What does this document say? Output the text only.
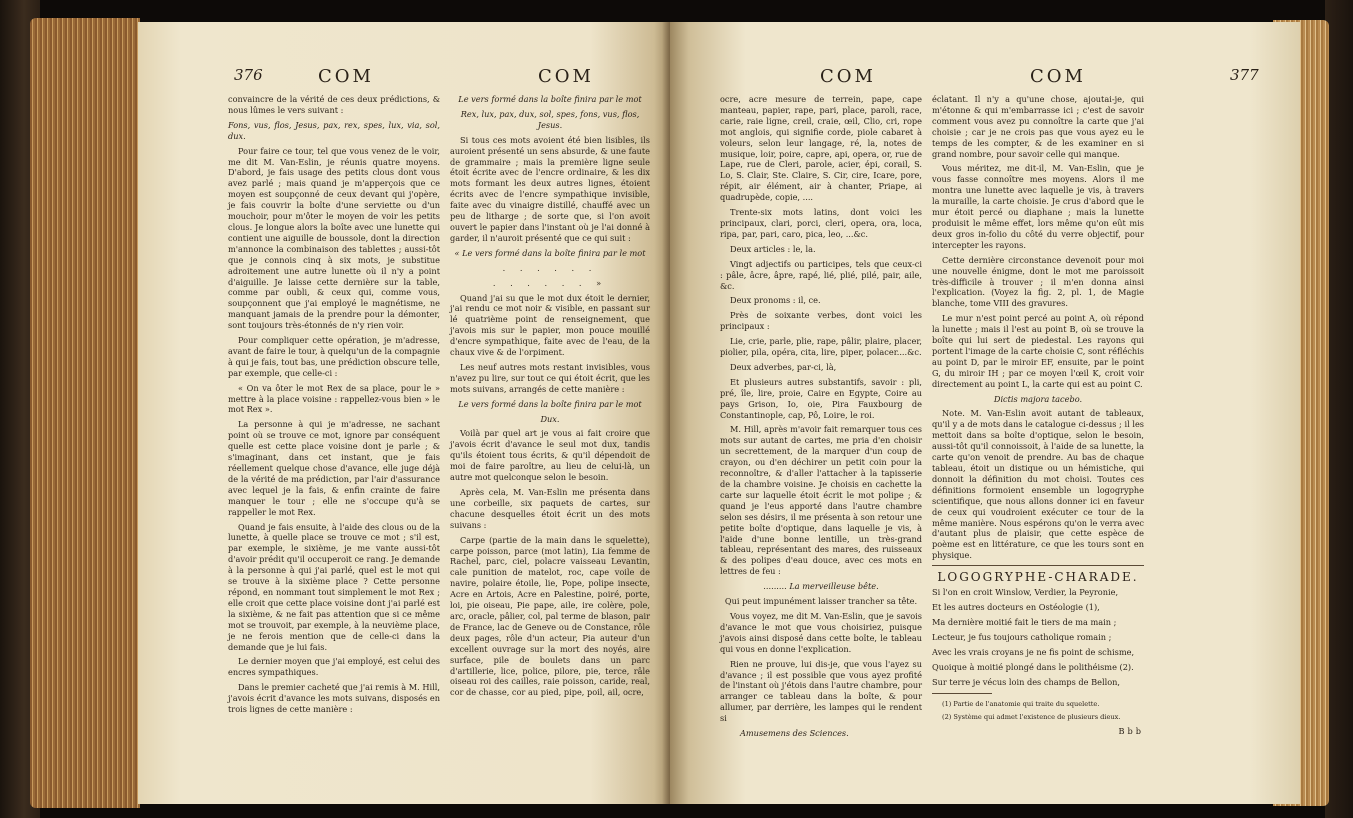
376	COM	COM

convaincre de la vérité de ces deux prédictions, & nous lûmes le vers suivant :

Fons, vus, flos, Jesus, pax, rex, spes, lux, via, sol, dux.

Pour faire ce tour, tel que vous venez de le voir, me dit M. Van-Eslin, je réunis quatre moyens. D'abord, je fais usage des petits clous dont vous avez parlé ; mais quand je m'apperçois que ce moyen est soupçonné de ceux devant qui j'opère, je fais couvrir la boîte d'une serviette ou d'un mouchoir, pour m'ôter le moyen de voir les petits clous. Je longue alors la boîte avec une lunette qui contient une aiguille de boussole, dont la direction m'annonce la combinaison des tablettes ; aussi-tôt que je connois cinq à six mots, je substitue adroitement une autre lunette où il n'y a point d'aiguille. Je laisse cette dernière sur la table, comme par oubli, & ceux qui, comme vous, soupçonnent que j'ai employé le magnétisme, ne manquant jamais de la prendre pour la démonter, sont toujours très-étonnés de n'y rien voir.

Pour compliquer cette opération, je m'adresse, avant de faire le tour, à quelqu'un de la compagnie à qui je fais, tout bas, une prédiction obscure telle, par exemple, que celle-ci :

« On va ôter le mot Rex de sa place, pour le » mettre à la place voisine : rappellez-vous bien » le mot Rex ».

La personne à qui je m'adresse, ne sachant point où se trouve ce mot, ignore par conséquent quelle est cette place voisine dont je parle ; & s'imaginant, dans cet instant, que je fais réellement quelque chose d'avance, elle juge déjà de la vérité de ma prédiction, par l'air d'assurance avec lequel je la fais, & enfin crainte de faire manquer le tour ; elle ne s'occupe qu'à se rappeller le mot Rex.

Quand je fais ensuite, à l'aide des clous ou de la lunette, à quelle place se trouve ce mot ; s'il est, par exemple, le sixième, je me vante aussi-tôt d'avoir prédit qu'il occuperoit ce rang. Je demande à la personne à qui j'ai parlé, quel est le mot qui se trouve à la sixième place ? Cette personne répond, en nommant tout simplement le mot Rex ; elle croit que cette place voisine dont j'ai parlé est la sixième, & ne fait pas attention que si ce même mot se trouvoit, par exemple, à la neuvième place, je ne ferois mention que de celle-ci dans la demande que je lui fais.

Le dernier moyen que j'ai employé, est celui des encres sympathiques.

Dans le premier cacheté que j'ai remis à M. Hill, j'avois écrit d'avance les mots suivans, disposés en trois lignes de cette manière :

Le vers formé dans la boîte finira par le mot

Rex, lux, pax, dux, sol, spes, fons, vus, flos, Jesus.

Si tous ces mots avoient été bien lisibles, ils auroient présenté un sens absurde, & une faute de grammaire ; mais la première ligne seule étoit écrite avec de l'encre ordinaire, & les dix mots formant les deux autres lignes, étoient écrits avec de l'encre sympathique invisible, faite avec du vinaigre distillé, chauffé avec un peu de litharge ; de sorte que, si l'on avoit ouvert le papier dans l'instant où je l'ai donné à garder, il n'auroit présenté que ce qui suit :

« Le vers formé dans la boîte finira par le mot

. . . . . .

. . . . . . »

Quand j'ai su que le mot dux étoit le dernier, j'ai rendu ce mot noir & visible, en passant sur lé quatrième point de renseignement, que j'avois mis sur le papier, mon pouce mouillé d'encre sympathique, faite avec de l'eau, de la chaux vive & de l'orpiment.

Les neuf autres mots restant invisibles, vous n'avez pu lire, sur tout ce qui étoit écrit, que les mots suivans, arrangés de cette manière :

Le vers formé dans la boîte finira par le mot

Dux.

Voilà par quel art je vous ai fait croire que j'avois écrit d'avance le seul mot dux, tandis qu'ils étoient tous écrits, & qu'il dépendoit de moi de faire paroître, au lieu de celui-là, un autre mot quelconque selon le besoin.

Après cela, M. Van-Eslin me présenta dans une corbeille, six paquets de cartes, sur chacune desquelles étoit écrit un des mots suivans :

Carpe (partie de la main dans le squelette), carpe poisson, parce (mot latin), Lia femme de Rachel, parc, ciel, polacre vaisseau Levantin, cale punition de matelot, roc, cape voile de navire, polaire étoile, lie, Pope, polipe insecte, Acre en Artois, Acre en Palestine, poiré, porte, loi, pie oiseau, Pie pape, aile, ire colère, pole, arc, oracle, pâlier, col, pal terme de blason, pair de France, lac de Geneve ou de Constance, rôle deux pages, rôle d'un acteur, Pia auteur d'un excellent ouvrage sur la mort des noyés, aire surface, pile de boulets dans un parc d'artillerie, lice, police, pilore, pie, terce, râle oiseau roi des cailles, raie poisson, caride, real, cor de chasse, cor au pied, pipe, poil, ail, ocre,

COM	COM	377

ocre, acre mesure de terrein, pape, cape manteau, papier, rape, pari, place, paroli, race, carie, raie ligne, creil, craie, œil, Clio, cri, rope mot anglois, qui signifie corde, piole cabaret à voleurs, selon leur langage, ré, la, notes de musique, loir, poire, capre, api, opera, or, rue de Lape, rue de Cleri, parole, acier, épi, corail, S. Lo, S. Clair, Ste. Claire, S. Cir, cire, Icare, pore, répit, air élément, air à chanter, Priape, ai quadrupède, copie, ....

Trente-six mots latins, dont voici les principaux, clari, porci, cleri, opera, ora, loca, ripa, par, pari, caro, pica, leo, ...&c.

Deux articles : le, la.

Vingt adjectifs ou participes, tels que ceux-ci : pâle, âcre, âpre, rapé, lié, plié, pilé, pair, aile, &c.

Deux pronoms : il, ce.

Près de soixante verbes, dont voici les principaux :

Lie, crie, parle, plie, rape, pâlir, plaire, placer, piolier, pila, opéra, cita, lire, piper, polacer....&c.

Deux adverbes, par-ci, là,

Et plusieurs autres substantifs, savoir : pli, pré, île, lire, proie, Caire en Egypte, Coire au pays Grison, Io, oie, Pira Fauxbourg de Constantinople, cap, Pô, Loire, le roi.

M. Hill, après m'avoir fait remarquer tous ces mots sur autant de cartes, me pria d'en choisir un secrettement, de la marquer d'un coup de crayon, ou d'en déchirer un petit coin pour la reconnoître, & d'aller l'attacher à la tapisserie de la chambre voisine. Je choisis en cachette la carte sur laquelle étoit écrit le mot polipe ; & quand je l'eus apporté dans l'autre chambre selon ses désirs, il me présenta à son retour une petite boîte d'optique, dans laquelle je vis, à l'aide d'une bonne lentille, un très-grand tableau, représentant des mares, des ruisseaux & des polipes d'eau douce, avec ces mots en lettres de feu :

......... La merveilleuse bête.

Qui peut impunément laisser trancher sa tête.

Vous voyez, me dit M. Van-Eslin, que je savois d'avance le mot que vous choisiriez, puisque j'avois ainsi disposé dans cette boîte, le tableau qui vous en donne l'explication.

Rien ne prouve, lui dis-je, que vous l'ayez su d'avance ; il est possible que vous ayez profité de l'instant où j'étois dans l'autre chambre, pour arranger ce tableau dans la boîte, & pour allumer, par derrière, les lampes qui le rendent si

Amusemens des Sciences.

éclatant. Il n'y a qu'une chose, ajoutai-je, qui m'étonne & qui m'embarrasse ici ; c'est de savoir comment vous avez pu connoître la carte que j'ai choisie ; car je ne crois pas que vous ayez eu le temps de les compter, & de les examiner en si grand nombre, pour savoir celle qui manque.

Vous méritez, me dit-il, M. Van-Eslin, que je vous fasse connoître mes moyens. Alors il me montra une lunette avec laquelle je vis, à travers la muraille, la carte choisie. Je crus d'abord que le mur étoit percé ou diaphane ; mais la lunette produisit le même effet, lors même qu'on eût mis deux gros in-folio du côté du verre objectif, pour intercepter les rayons.

Cette dernière circonstance devenoit pour moi une nouvelle énigme, dont le mot me paroissoit très-difficile à trouver ; il m'en donna ainsi l'explication. (Voyez la fig. 2, pl. 1, de Magie blanche, tome VIII des gravures.

Le mur n'est point percé au point A, où répond la lunette ; mais il l'est au point B, où se trouve la boîte qui lui sert de piedestal. Les rayons qui portent l'image de la carte choisie C, sont réfléchis au point D, par le miroir EF, ensuite, par le point G, du miroir IH ; par ce moyen l'œil K, croit voir directement au point L, la carte qui est au point C.

Dictis majora tacebo.

Note. M. Van-Eslin avoit autant de tableaux, qu'il y a de mots dans le catalogue ci-dessus ; il les mettoit dans sa boîte d'optique, selon le besoin, aussi-tôt qu'il connoissoit, à l'aide de sa lunette, la carte qu'on venoit de prendre. Au bas de chaque tableau, étoit un distique ou un hémistiche, qui donnoit la définition du mot choisi. Toutes ces définitions formoient ensemble un logogryphe scientifique, que nous allons donner ici en faveur de ceux qui voudroient exécuter ce tour de la même manière. Nous espérons qu'on le verra avec d'autant plus de plaisir, que cette espèce de poème est en littérature, ce que les tours sont en physique.

LOGOGRYPHE-CHARADE.

Si l'on en croit Winslow, Verdier, la Peyronie,

Et les autres docteurs en Ostéologie (1),

Ma dernière moitié fait le tiers de ma main ;

Lecteur, je fus toujours catholique romain ;

Avec les vrais croyans je ne fis point de schisme,

Quoique à moitié plongé dans le polithéisme (2).

Sur terre je vécus loin des champs de Bellon,

(1) Partie de l'anatomie qui traite du squelette.

(2) Système qui admet l'existence de plusieurs dieux.

Bbb
